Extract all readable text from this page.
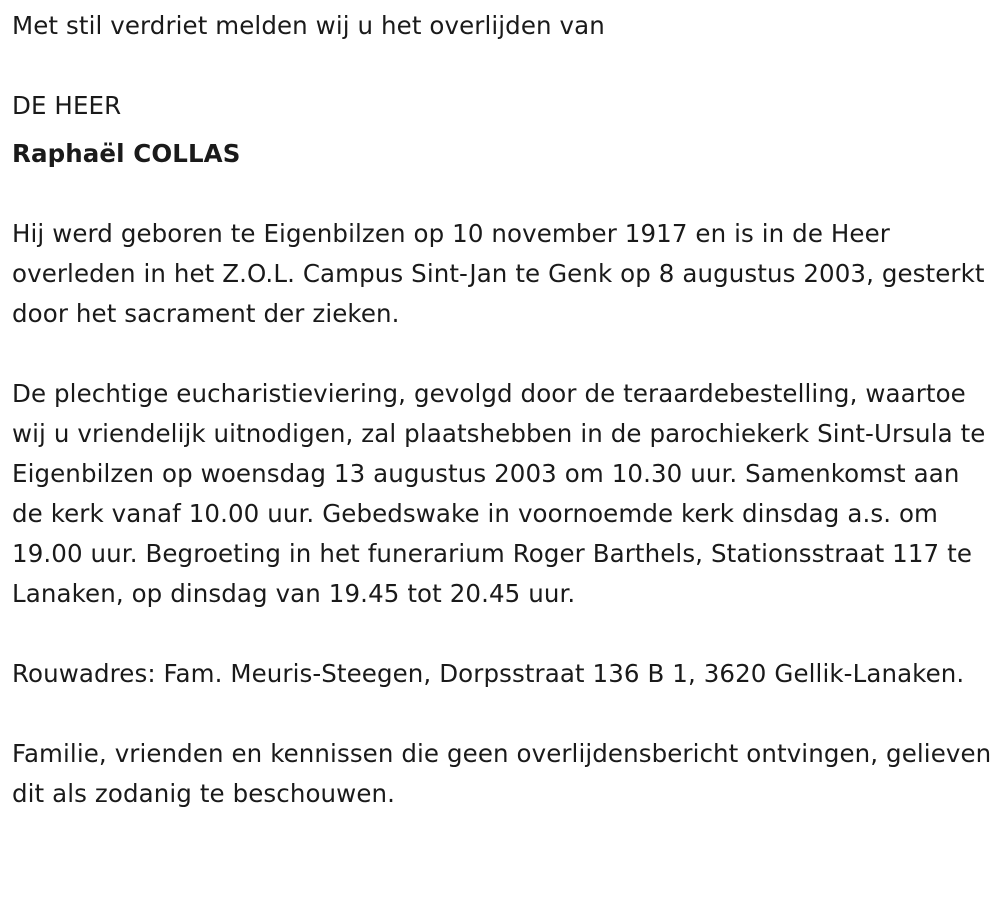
Met stil verdriet melden wij u het overlijden van

DE HEER

Raphaël COLLAS

Hij werd geboren te Eigenbilzen op 10 november 1917 en is in de Heer overleden in het Z.O.L. Campus Sint-Jan te Genk op 8 augustus 2003, gesterkt door het sacrament der zieken.

De plechtige eucharistieviering, gevolgd door de teraardebestelling, waartoe wij u vriendelijk uitnodigen, zal plaatshebben in de parochiekerk Sint-Ursula te Eigenbilzen op woensdag 13 augustus 2003 om 10.30 uur. Samenkomst aan de kerk vanaf 10.00 uur. Gebedswake in voornoemde kerk dinsdag a.s. om 19.00 uur. Begroeting in het funerarium Roger Barthels, Stationsstraat 117 te Lanaken, op dinsdag van 19.45 tot 20.45 uur.

Rouwadres: Fam. Meuris-Steegen, Dorpsstraat 136 B 1, 3620 Gellik-Lanaken.

Familie, vrienden en kennissen die geen overlijdensbericht ontvingen, gelieven dit als zodanig te beschouwen.
